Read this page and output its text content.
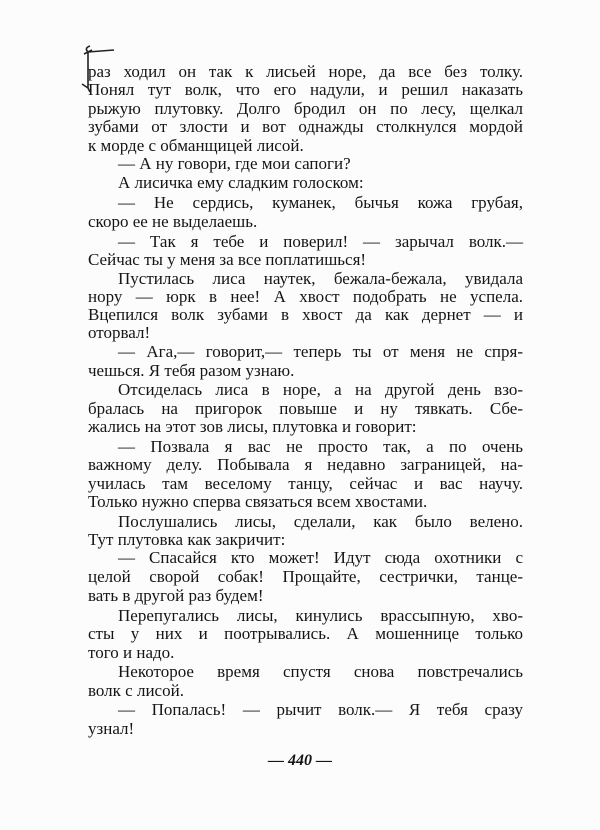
раз ходил он так к лисьей норе, да все без толку.
Понял тут волк, что его надули, и решил наказать
рыжую плутовку. Долго бродил он по лесу, щелкал
зубами от злости и вот однажды столкнулся мордой
к морде с обманщицей лисой.
— А ну говори, где мои сапоги?
А лисичка ему сладким голоском:
— Не сердись, куманек, бычья кожа грубая,
скоро ее не выделаешь.
— Так я тебе и поверил! — зарычал волк.—
Сейчас ты у меня за все поплатишься!
Пустилась лиса наутек, бежала-бежала, увидала
нору — юрк в нее! А хвост подобрать не успела.
Вцепился волк зубами в хвост да как дернет — и
оторвал!
— Ага,— говорит,— теперь ты от меня не спря-
чешься. Я тебя разом узнаю.
Отсиделась лиса в норе, а на другой день взо-
бралась на пригорок повыше и ну тявкать. Сбе-
жались на этот зов лисы, плутовка и говорит:
— Позвала я вас не просто так, а по очень
важному делу. Побывала я недавно заграницей, на-
училась там веселому танцу, сейчас и вас научу.
Только нужно сперва связаться всем хвостами.
Послушались лисы, сделали, как было велено.
Тут плутовка как закричит:
— Спасайся кто может! Идут сюда охотники с
целой сворой собак! Прощайте, сестрички, танце-
вать в другой раз будем!
Перепугались лисы, кинулись врассыпную, хво-
сты у них и поотрывались. А мошеннице только
того и надо.
Некоторое время спустя снова повстречались
волк с лисой.
— Попалась! — рычит волк.— Я тебя сразу
узнал!
— 440 —
